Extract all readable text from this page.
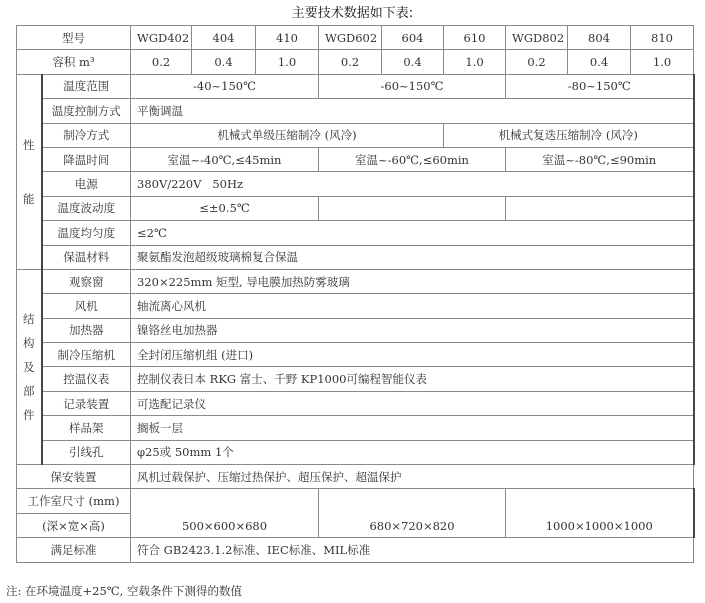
主要技术数据如下表:
型号		WGD402	404	410	WGD602	604	610	WGD802	804	810
容积 m³		0.2	0.4	1.0	0.2	0.4	1.0	0.2	0.4	1.0

性
能	温度范围	-40~150℃			-60~150℃			-80~150℃		
	温度控制方式	平衡调温								
	制冷方式	机械式单级压缩制冷 (风冷)					机械式复迭压缩制冷 (风冷)			
	降温时间	室温~-40℃,≤45min			室温~-60℃,≤60min			室温~-80℃,≤90min		
	电源	380V/220V   50Hz								
	温度波动度	≤±0.5℃								
	温度均匀度	≤2℃								
	保温材料	聚氨酯发泡超级玻璃棉复合保温								

结
构
及
部
件	观察窗	320×225mm 矩型, 导电膜加热防雾玻璃								
	风机	轴流离心风机								
	加热器	镍铬丝电加热器								
	制冷压缩机	全封闭压缩机组 (进口)								
	控温仪表	控制仪表日本 RKG 富士、千野 KP1000可编程智能仪表								
	记录装置	可选配记录仪								
	样品架	搁板一层								
	引线孔	φ25或 50mm 1个								
保安装置		风机过载保护、压缩过热保护、超压保护、超温保护								
工作室尺寸 (mm)		500×600×680			680×720×820			1000×1000×1000		
(深×宽×高)										
满足标准		符合 GB2423.1.2标准、IEC标准、MIL标准								
注: 在环境温度+25℃, 空载条件下测得的数值
